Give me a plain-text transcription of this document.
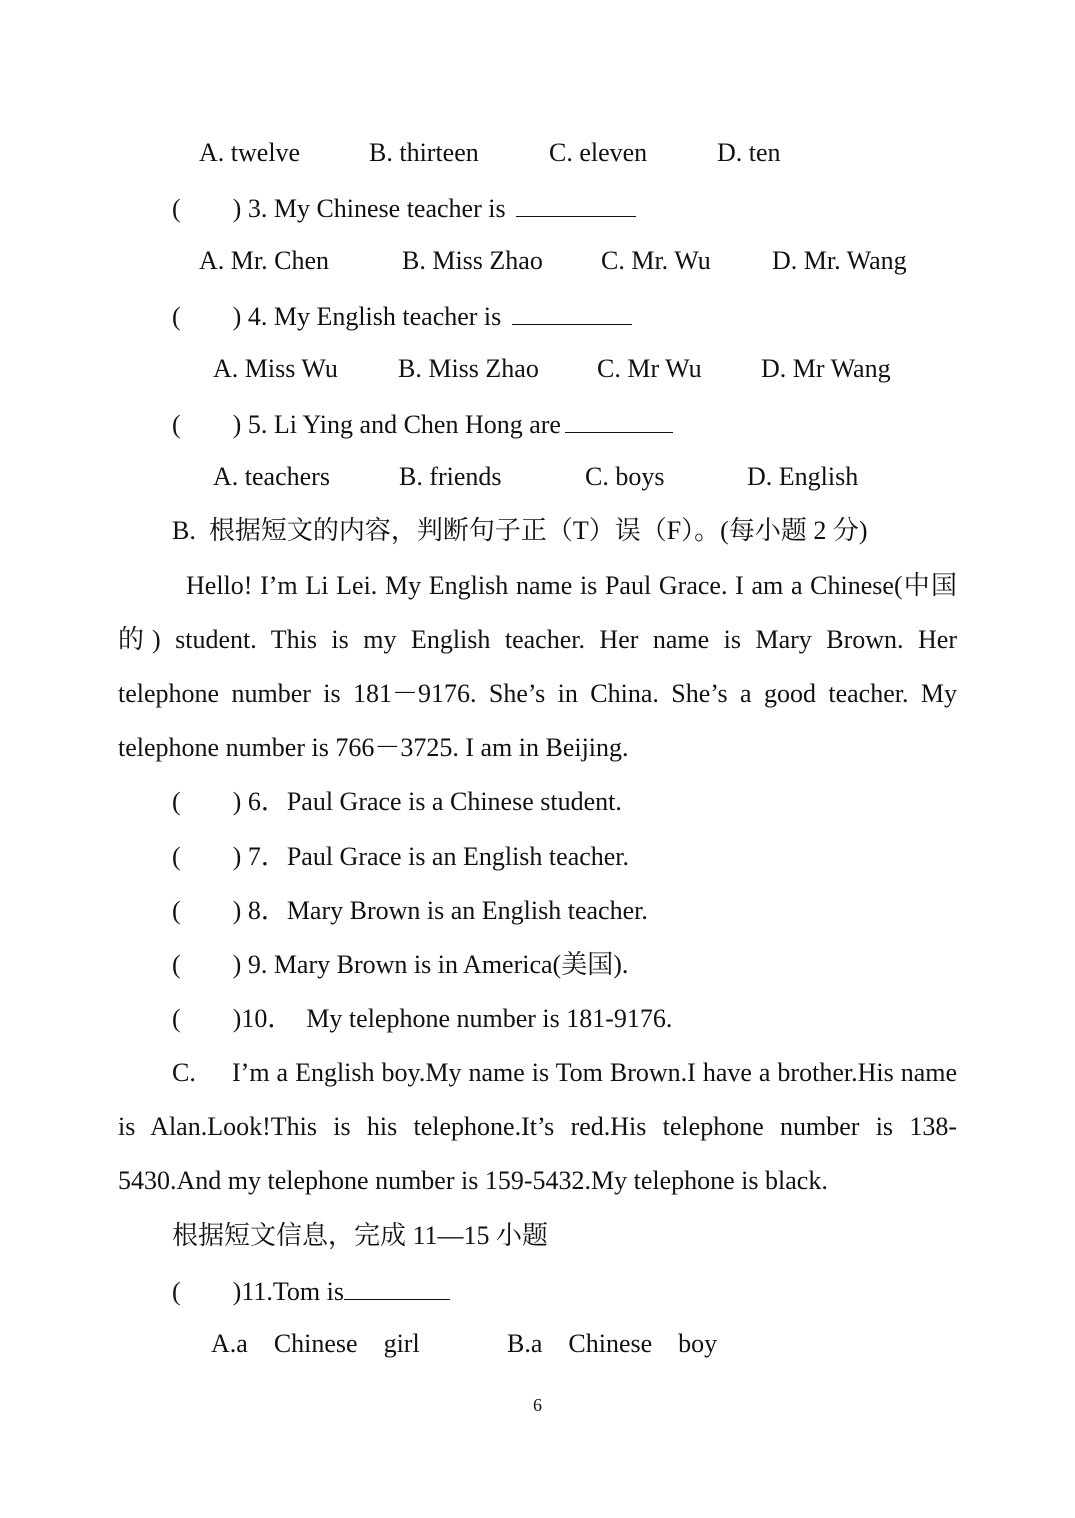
A. twelve	B. thirteen	C. eleven	D. ten

(        ) 3. My Chinese teacher is

A. Mr. Chen	B. Miss Zhao C. Mr. Wu D. Mr. Wang

(        ) 4. My English teacher is

A. Miss Wu B. Miss Zhao C. Mr Wu D. Mr Wang

(        ) 5. Li Ying and Chen Hong are

A. teachers	B. friends	C. boys	D. English

B.  根据短文的内容，判断句子正（T）误（F）。(每小题 2 分)

Hello! I’m Li Lei. My English name is Paul Grace. I am a Chinese(中国的) student. This is my English teacher. Her name is Mary Brown. Her telephone number is 181－9176. She’s in China. She’s a good teacher. My telephone number is 766－3725. I am in Beijing.

(        ) 6．Paul Grace is a Chinese student.

(        ) 7．Paul Grace is an English teacher.

(        ) 8．Mary Brown is an English teacher.

(        ) 9. Mary Brown is in America(美国).

(        )10．  My telephone number is 181-9176.

C.	I’m a English boy.My name is Tom Brown.I have a brother.His name is Alan.Look!This is his telephone.It’s red.His telephone number is 138-5430.And my telephone number is 159-5432.My telephone is black.

根据短文信息，完成 11—15 小题

(        )11.Tom is

A.a    Chinese    girl	B.a    Chinese    boy
6
